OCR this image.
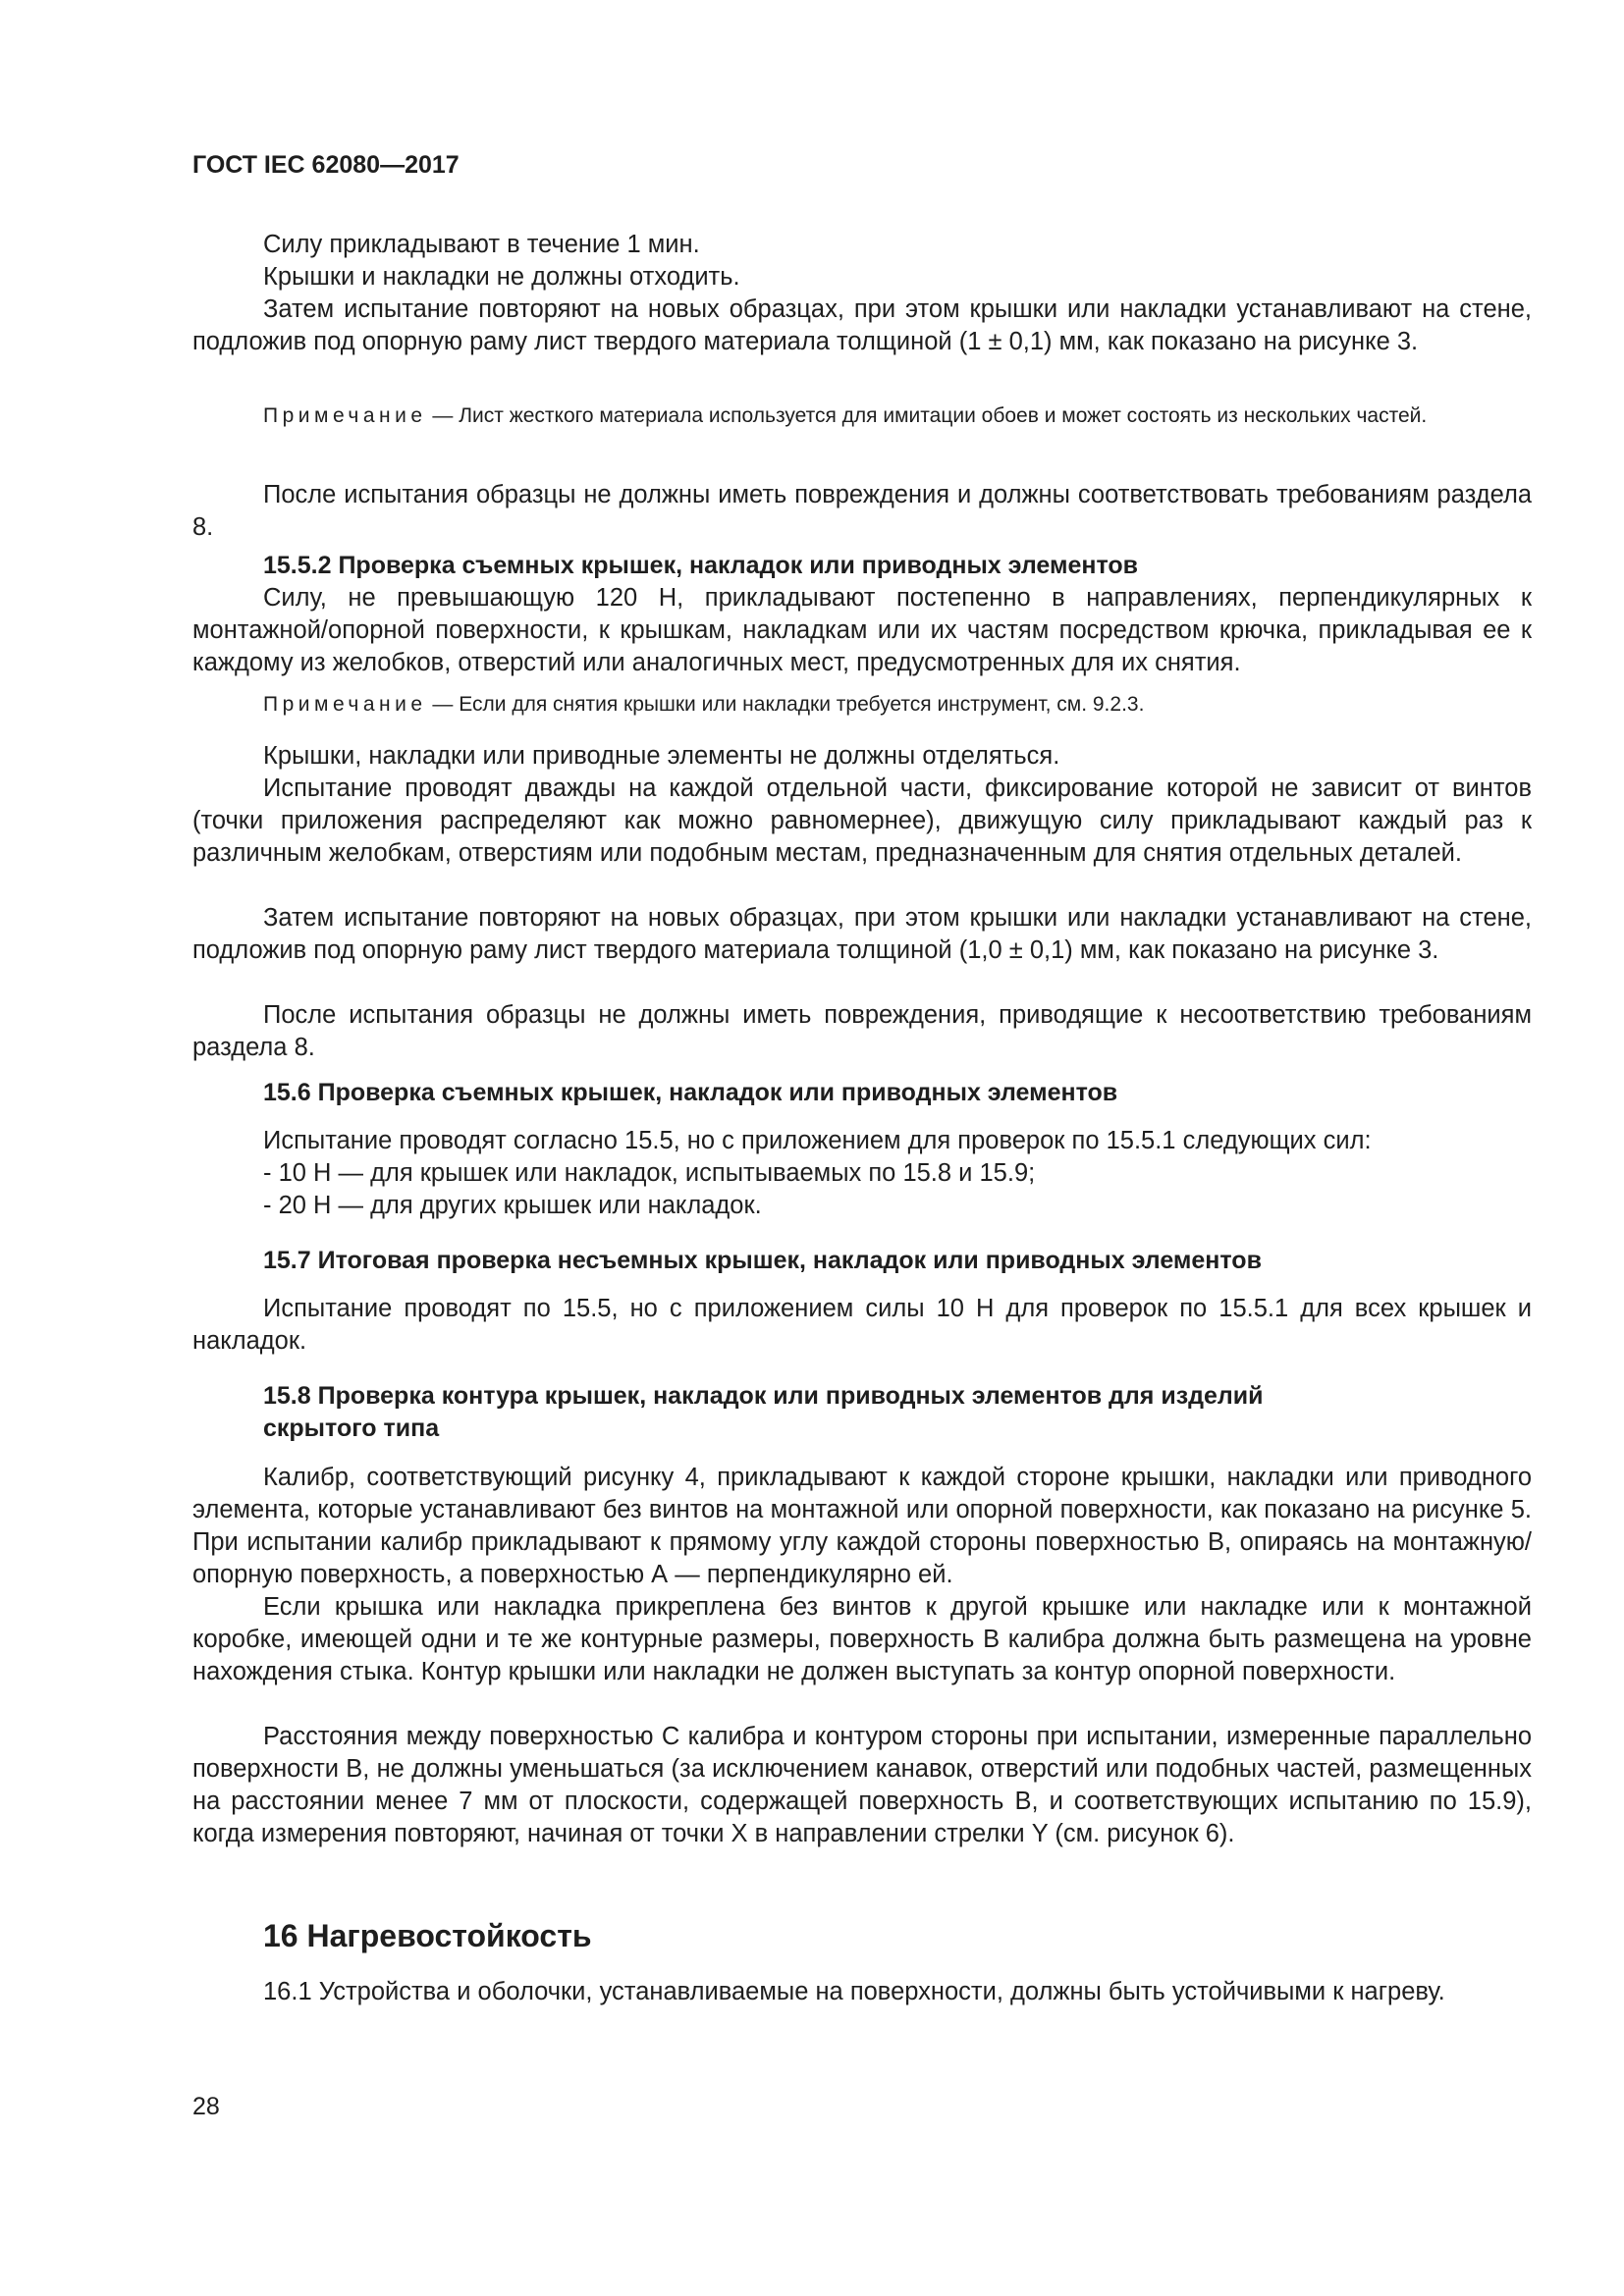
ГОСТ IEC 62080—2017

Силу прикладывают в течение 1 мин.

Крышки и накладки не должны отходить.

Затем испытание повторяют на новых образцах, при этом крышки или накладки устанавливают на стене, подложив под опорную раму лист твердого материала толщиной (1 ± 0,1) мм, как показано на рисунке 3.

Примечание — Лист жесткого материала используется для имитации обоев и может состоять из нескольких частей.

После испытания образцы не должны иметь повреждения и должны соответствовать требованиям раздела 8.

15.5.2 Проверка съемных крышек, накладок или приводных элементов

Силу, не превышающую 120 Н, прикладывают постепенно в направлениях, перпендикулярных к монтажной/опорной поверхности, к крышкам, накладкам или их частям посредством крючка, прикладывая ее к каждому из желобков, отверстий или аналогичных мест, предусмотренных для их снятия.

Примечание — Если для снятия крышки или накладки требуется инструмент, см. 9.2.3.

Крышки, накладки или приводные элементы не должны отделяться.

Испытание проводят дважды на каждой отдельной части, фиксирование которой не зависит от винтов (точки приложения распределяют как можно равномернее), движущую силу прикладывают каждый раз к различным желобкам, отверстиям или подобным местам, предназначенным для снятия отдельных деталей.

Затем испытание повторяют на новых образцах, при этом крышки или накладки устанавливают на стене, подложив под опорную раму лист твердого материала толщиной (1,0 ± 0,1) мм, как показано на рисунке 3.

После испытания образцы не должны иметь повреждения, приводящие к несоответствию требованиям раздела 8.

15.6 Проверка съемных крышек, накладок или приводных элементов

Испытание проводят согласно 15.5, но с приложением для проверок по 15.5.1 следующих сил:

- 10 Н — для крышек или накладок, испытываемых по 15.8 и 15.9;
- 20 Н — для других крышек или накладок.
15.7 Итоговая проверка несъемных крышек, накладок или приводных элементов

Испытание проводят по 15.5, но с приложением силы 10 Н для проверок по 15.5.1 для всех крышек и накладок.

15.8 Проверка контура крышек, накладок или приводных элементов для изделий
скрытого типа

Калибр, соответствующий рисунку 4, прикладывают к каждой стороне крышки, накладки или приводного элемента, которые устанавливают без винтов на монтажной или опорной поверхности, как показано на рисунке 5. При испытании калибр прикладывают к прямому углу каждой стороны поверхностью В, опираясь на монтажную/опорную поверхность, а поверхностью А — перпендикулярно ей.

Если крышка или накладка прикреплена без винтов к другой крышке или накладке или к монтажной коробке, имеющей одни и те же контурные размеры, поверхность В калибра должна быть размещена на уровне нахождения стыка. Контур крышки или накладки не должен выступать за контур опорной поверхности.

Расстояния между поверхностью С калибра и контуром стороны при испытании, измеренные параллельно поверхности В, не должны уменьшаться (за исключением канавок, отверстий или подобных частей, размещенных на расстоянии менее 7 мм от плоскости, содержащей поверхность В, и соответствующих испытанию по 15.9), когда измерения повторяют, начиная от точки X в направлении стрелки Y (см. рисунок 6).

16 Нагревостойкость

16.1 Устройства и оболочки, устанавливаемые на поверхности, должны быть устойчивыми к нагреву.

28
